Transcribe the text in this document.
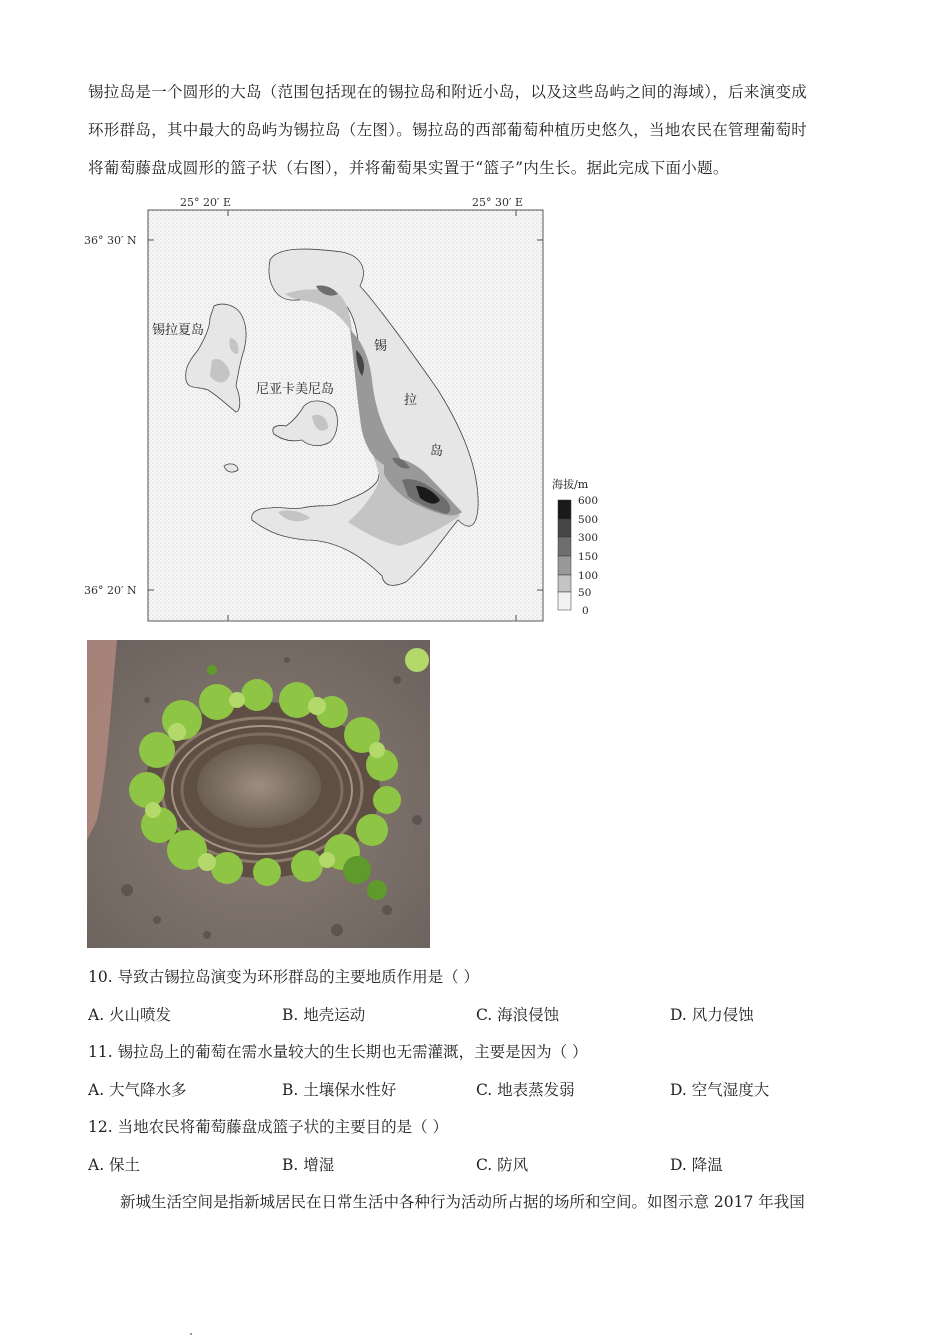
锡拉岛是一个圆形的大岛（范围包括现在的锡拉岛和附近小岛，以及这些岛屿之间的海域），后来演变成
环形群岛，其中最大的岛屿为锡拉岛（左图）。锡拉岛的西部葡萄种植历史悠久，当地农民在管理葡萄时
将葡萄藤盘成圆形的篮子状（右图），并将葡萄果实置于“篮子”内生长。据此完成下面小题。
25° 20′ E	25° 30′ E
36° 30′ N
36° 20′ N
锡拉夏岛
尼亚卡美尼岛
锡
拉
岛
海拔/m
600
500
300
150
100
50
0
10. 导致古锡拉岛演变为环形群岛的主要地质作用是（ ）
A. 火山喷发	B. 地壳运动	C. 海浪侵蚀	D. 风力侵蚀
11. 锡拉岛上的葡萄在需水量较大的生长期也无需灌溉，主要是因为（ ）
A. 大气降水多	B. 土壤保水性好	C. 地表蒸发弱	D. 空气湿度大
12. 当地农民将葡萄藤盘成篮子状的主要目的是（ ）
A. 保土	B. 增湿	C. 防风	D. 降温
新城生活空间是指新城居民在日常生活中各种行为活动所占据的场所和空间。如图示意 2017 年我国
